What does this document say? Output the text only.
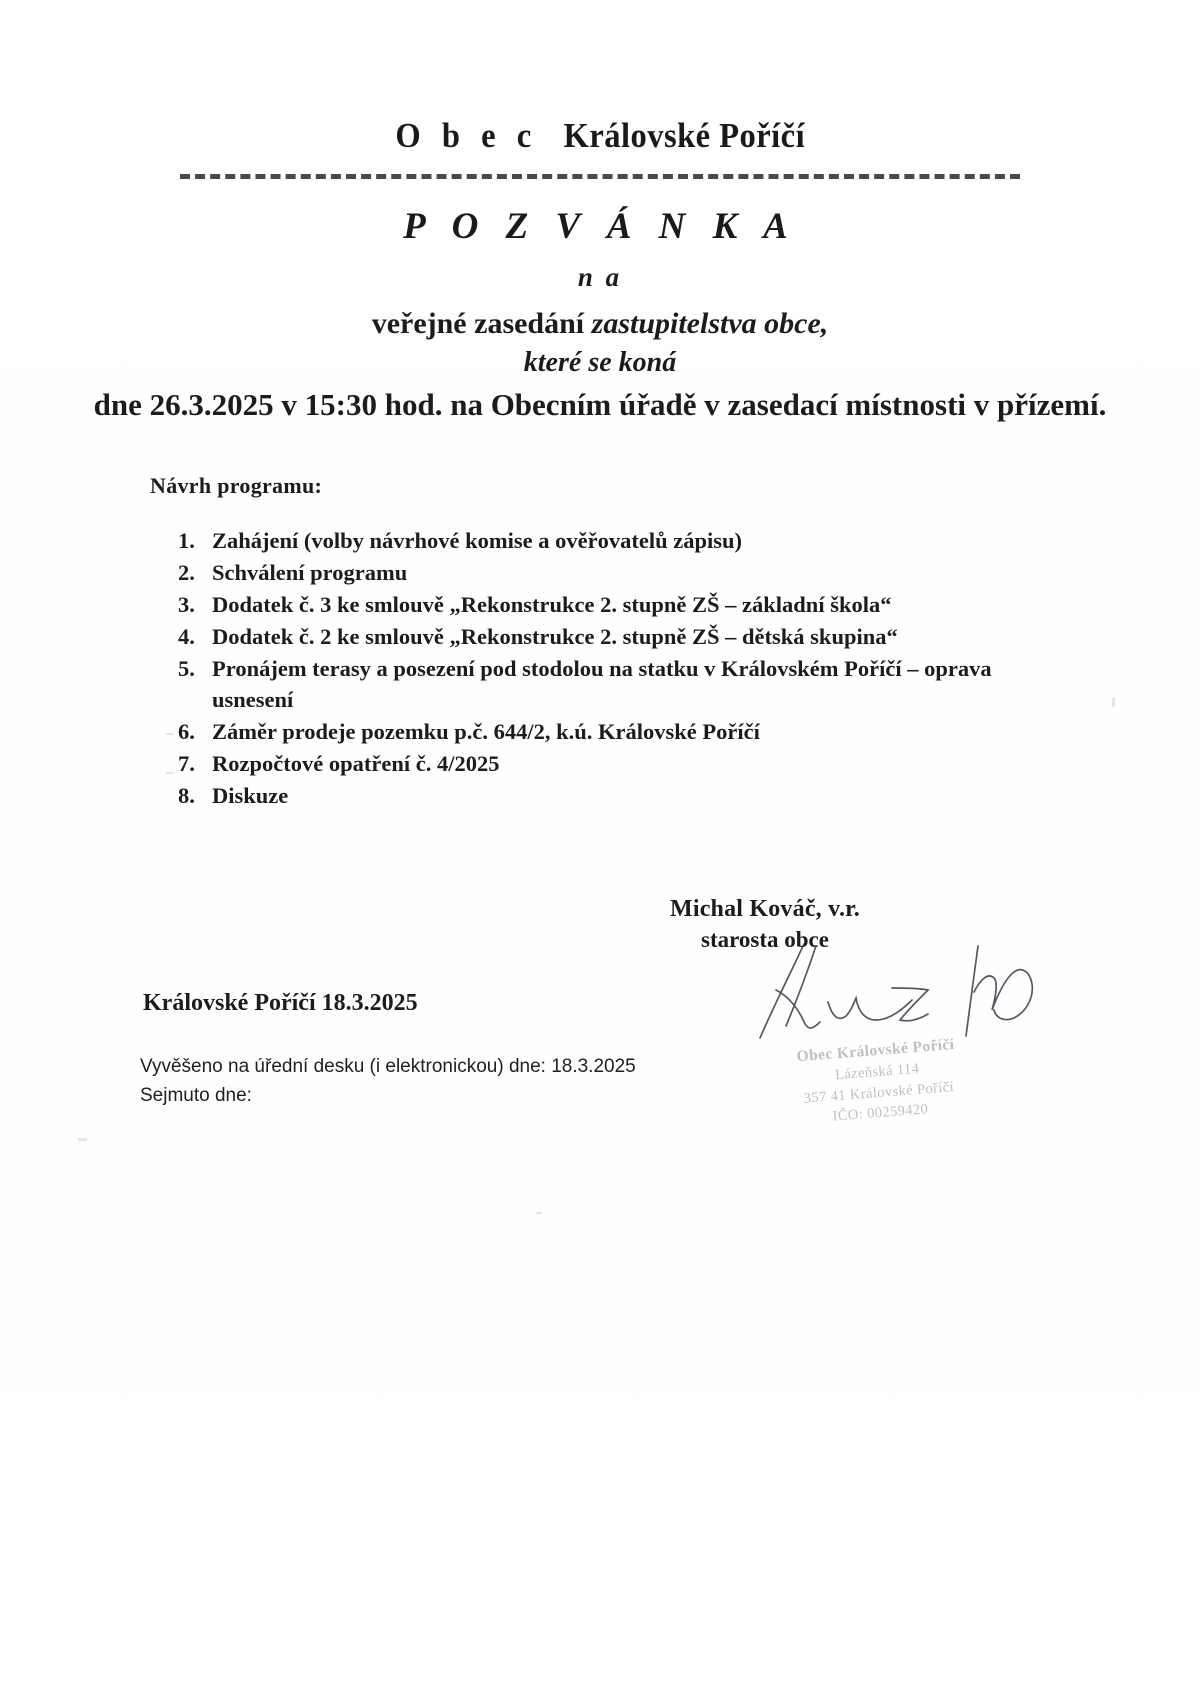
O b e c Královské Poříčí
P O Z V Á N K A
n a
veřejné zasedání zastupitelstva obce,
které se koná
dne 26.3.2025 v 15:30 hod. na Obecním úřadě v zasedací místnosti v přízemí.
Návrh programu:
1. Zahájení (volby návrhové komise a ověřovatelů zápisu)
2. Schválení programu
3. Dodatek č. 3 ke smlouvě „Rekonstrukce 2. stupně ZŠ – základní škola“
4. Dodatek č. 2 ke smlouvě „Rekonstrukce 2. stupně ZŠ – dětská skupina“
5. Pronájem terasy a posezení pod stodolou na statku v Královském Poříčí – oprava usnesení
6. Záměr prodeje pozemku p.č. 644/2, k.ú. Královské Poříčí
7. Rozpočtové opatření č. 4/2025
8. Diskuze
Michal Kováč, v.r.
starosta obce
Obec Královské Poříčí
Lázeňská 114
357 41 Královské Poříčí
IČO: 00259420
Královské Poříčí 18.3.2025
Vyvěšeno na úřední desku (i elektronickou) dne: 18.3.2025
Sejmuto dne:
